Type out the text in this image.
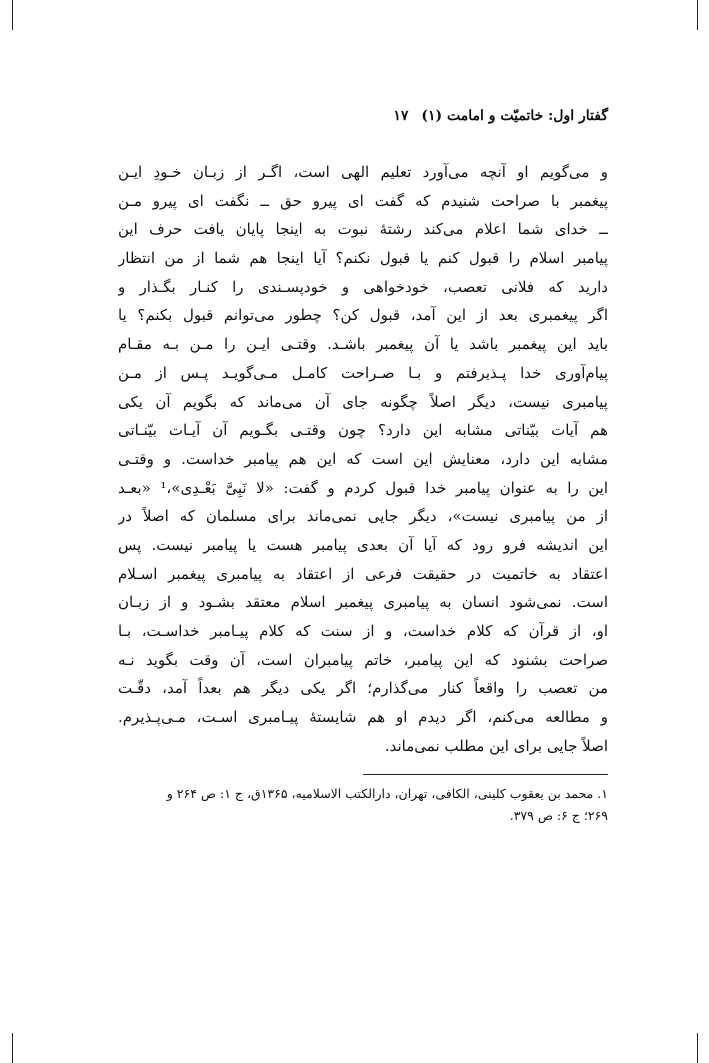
گفتار اول: خاتمیّت و امامت (۱) ۱۷
و می‌گویم او آنچه می‌آورد تعلیم الهی است، اگـر از زبـان خـودِ ایـن
پیغمبر با صراحت شنیدم که گفت ای پیرو حق ــ نگفت ای پیرو مـن
ــ خدای شما اعلام می‌کند رشتهٔ نبوت به اینجا پایان یافت حرف این
پیامبر اسلام را قبول کنم یا قبول نکنم؟ آیا اینجا هم شما از من انتظار
دارید که فلانی تعصب، خودخواهی و خودپسـندی را کنـار بگـذار و
اگر پیغمبری بعد از این آمد، قبول کن؟ چطور می‌توانم قبول بکنم؟ یا
باید این پیغمبر باشد یا آن پیغمبر باشـد. وقتـی ایـن را مـن بـه مقـام
پیام‌آوری خدا پـذیرفتم و بـا صـراحت کامـل مـی‌گویـد پـس از مـن
پیامبری نیست، دیگر اصلاً چگونه جای آن می‌ماند که بگویم آن یکی
هم آیات بیّناتی مشابه این دارد؟ چون وقتـی بگـویم آن آیـات بیّنـاتی
مشابه این دارد، معنایش این است که این هم پیامبر خداست. و وقتـی
این را به عنوان پیامبر خدا قبول کردم و گفت: «لا نَبِیَّ بَعْـدِی»،¹ «بعـد
از من پیامبری نیست»، دیگر جایی نمی‌ماند برای مسلمان که اصلاً در
این اندیشه فرو رود که آیا آن بعدی پیامبر هست یا پیامبر نیست. پس
اعتقاد به خاتمیت در حقیقت فرعی از اعتقاد به پیامبری پیغمبر اسـلام
است. نمی‌شود انسان به پیامبری پیغمبر اسلام معتقد بشـود و از زبـان
او، از قرآن که کلام خداست، و از سنت که کلام پیـامبر خداسـت، بـا
صراحت بشنود که این پیامبر، خاتم پیامبران است، آن وقت بگوید نـه
من تعصب را واقعاً کنار می‌گذارم؛ اگر یکی دیگر هم بعداً آمد، دقّـت
و مطالعه می‌کنم، اگر دیدم او هم شایستهٔ پیـامبری اسـت، مـی‌پـذیرم.
اصلاً جایی برای این مطلب نمی‌ماند.
۱. محمد بن یعقوب کلینی، الکافی، تهران، دارالکتب الاسلامیه، ۱۳۶۵ق، ج ۱: ص ۲۶۴ و
۲۶۹؛ ج ۶: ص ۳۷۹.
